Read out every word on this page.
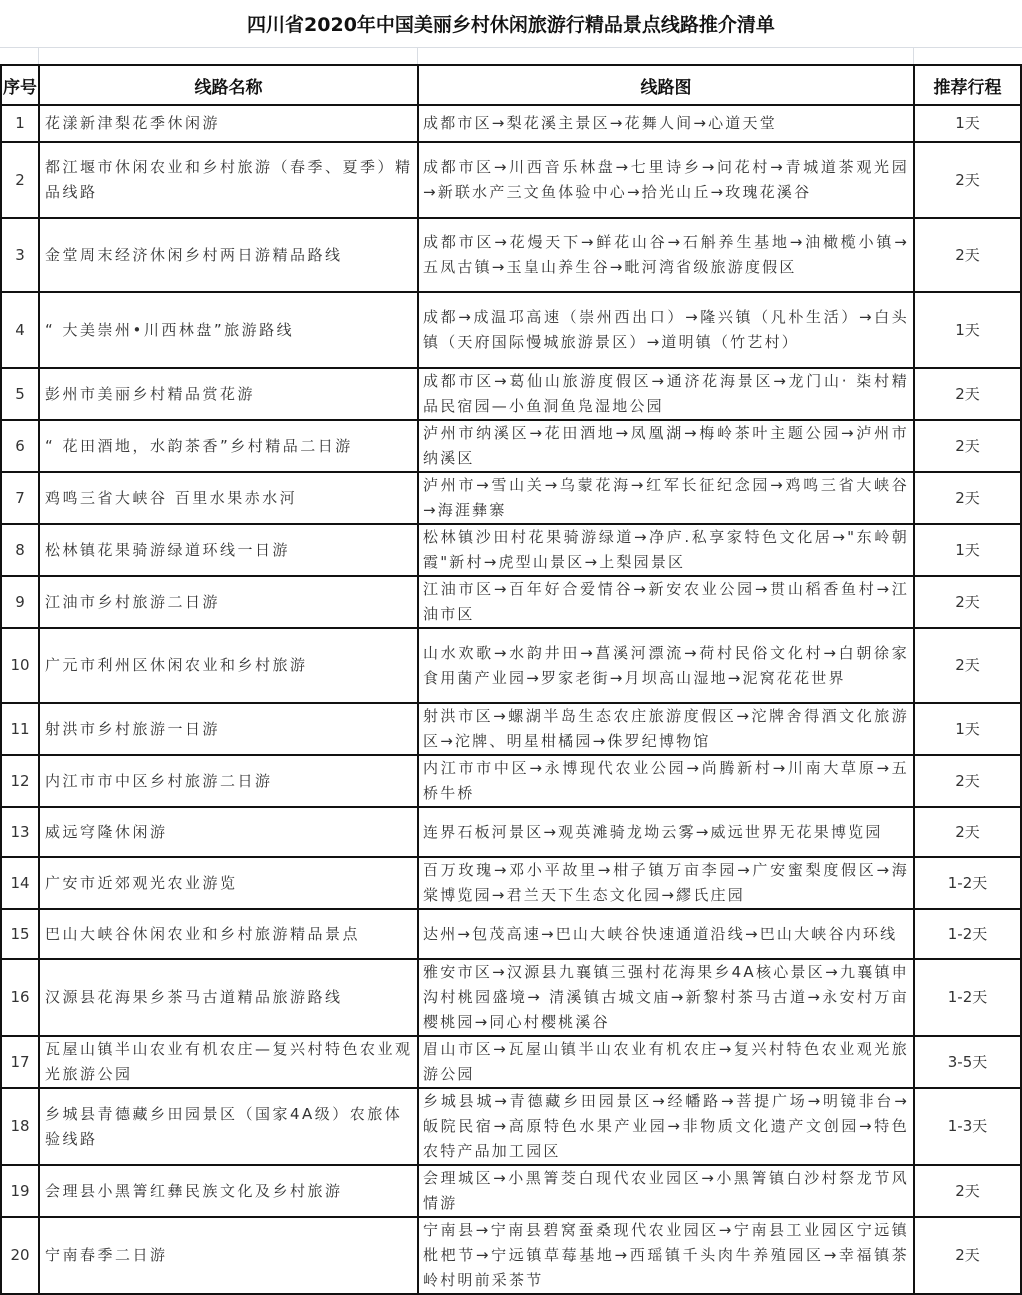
四川省2020年中国美丽乡村休闲旅游行精品景点线路推介清单
序号	线路名称	线路图	推荐行程
1	花漾新津梨花季休闲游	成都市区→梨花溪主景区→花舞人间→心道天堂	1天
2	都江堰市休闲农业和乡村旅游（春季、夏季）精品线路	成都市区→川西音乐林盘→七里诗乡→问花村→青城道茶观光园→新联水产三文鱼体验中心→拾光山丘→玫瑰花溪谷	2天
3	金堂周末经济休闲乡村两日游精品路线	成都市区→花熳天下→鲜花山谷→石斛养生基地→油橄榄小镇→五凤古镇→玉皇山养生谷→毗河湾省级旅游度假区	2天
4	“ 大美崇州•川西林盘”旅游路线	成都→成温邛高速（崇州西出口）→隆兴镇（凡朴生活）→白头镇（天府国际慢城旅游景区）→道明镇（竹艺村）	1天
5	彭州市美丽乡村精品赏花游	成都市区→葛仙山旅游度假区→通济花海景区→龙门山· 柒村精品民宿园—小鱼洞鱼凫湿地公园	2天
6	“ 花田酒地，水韵茶香”乡村精品二日游	泸州市纳溪区→花田酒地→凤凰湖→梅岭茶叶主题公园→泸州市纳溪区	2天
7	鸡鸣三省大峡谷 百里水果赤水河	泸州市→雪山关→乌蒙花海→红军长征纪念园→鸡鸣三省大峡谷→海涯彝寨	2天
8	松林镇花果骑游绿道环线一日游	松林镇沙田村花果骑游绿道→净庐.私享家特色文化居→"东岭朝霞"新村→虎型山景区→上梨园景区	1天
9	江油市乡村旅游二日游	江油市区→百年好合爱情谷→新安农业公园→贯山稻香鱼村→江油市区	2天
10	广元市利州区休闲农业和乡村旅游	山水欢歌→水韵井田→菖溪河漂流→荷村民俗文化村→白朝徐家食用菌产业园→罗家老街→月坝高山湿地→泥窝花花世界	2天
11	射洪市乡村旅游一日游	射洪市区→螺湖半岛生态农庄旅游度假区→沱牌舍得酒文化旅游区→沱牌、明星柑橘园→侏罗纪博物馆	1天
12	内江市市中区乡村旅游二日游	内江市市中区→永博现代农业公园→尚腾新村→川南大草原→五桥牛桥	2天
13	威远穹隆休闲游	连界石板河景区→观英滩骑龙坳云雾→威远世界无花果博览园	2天
14	广安市近郊观光农业游览	百万玫瑰→邓小平故里→柑子镇万亩李园→广安蜜梨度假区→海棠博览园→君兰天下生态文化园→繆氏庄园	1-2天
15	巴山大峡谷休闲农业和乡村旅游精品景点	达州→包茂高速→巴山大峡谷快速通道沿线→巴山大峡谷内环线	1-2天
16	汉源县花海果乡茶马古道精品旅游路线	雅安市区→汉源县九襄镇三强村花海果乡4A核心景区→九襄镇申沟村桃园盛境→ 清溪镇古城文庙→新黎村茶马古道→永安村万亩樱桃园→同心村樱桃溪谷	1-2天
17	瓦屋山镇半山农业有机农庄—复兴村特色农业观光旅游公园	眉山市区→瓦屋山镇半山农业有机农庄→复兴村特色农业观光旅游公园	3-5天
18	乡城县青德藏乡田园景区（国家4A级）农旅体验线路	乡城县城→青德藏乡田园景区→经幡路→菩提广场→明镜非台→皈院民宿→高原特色水果产业园→非物质文化遗产文创园→特色农特产品加工园区	1-3天
19	会理县小黑箐红彝民族文化及乡村旅游	会理城区→小黑箐茭白现代农业园区→小黑箐镇白沙村祭龙节风情游	2天
20	宁南春季二日游	宁南县→宁南县碧窝蚕桑现代农业园区→宁南县工业园区宁远镇枇杷节→宁远镇草莓基地→西瑶镇千头肉牛养殖园区→幸福镇茶岭村明前采茶节	2天
